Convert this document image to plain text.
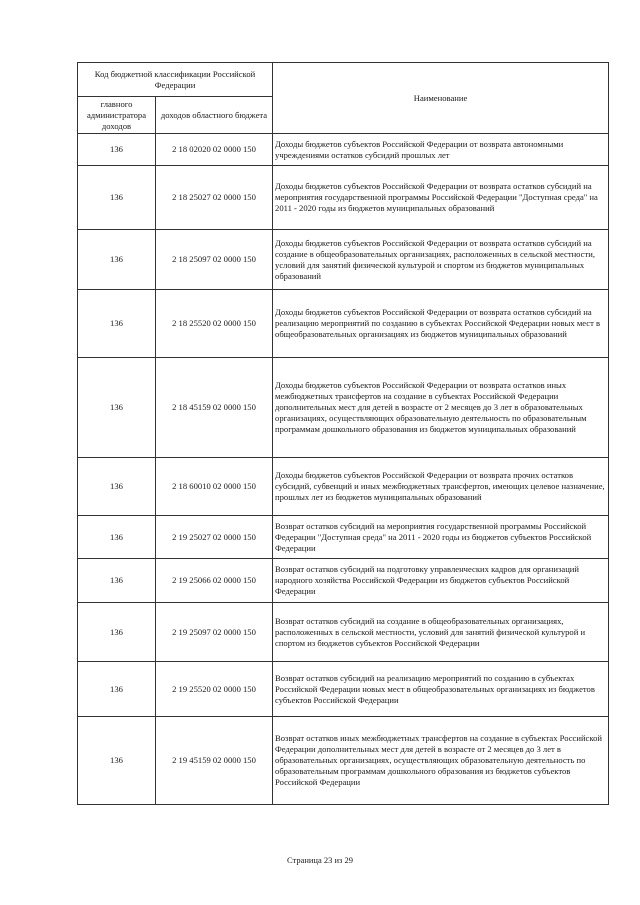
Код бюджетной классификации Российской Федерации		Наименование
главного администратора доходов	доходов областного бюджета	
136	2 18 02020 02 0000 150	Доходы бюджетов субъектов Российской Федерации от возврата автономными учреждениями остатков субсидий прошлых лет
136	2 18 25027 02 0000 150	Доходы бюджетов субъектов Российской Федерации от возврата остатков субсидий на мероприятия государственной программы Российской Федерации "Доступная среда" на 2011 - 2020 годы из бюджетов муниципальных образований
136	2 18 25097 02 0000 150	Доходы бюджетов субъектов Российской Федерации от возврата остатков субсидий на создание в общеобразовательных организациях, расположенных в сельской местности, условий для занятий физической культурой и спортом из бюджетов муниципальных образований
136	2 18 25520 02 0000 150	Доходы бюджетов субъектов Российской Федерации от возврата остатков субсидий на реализацию мероприятий по созданию в субъектах Российской Федерации новых мест в общеобразовательных организациях из бюджетов муниципальных образований
136	2 18 45159 02 0000 150	Доходы бюджетов субъектов Российской Федерации от возврата остатков иных межбюджетных трансфертов на создание в субъектах Российской Федерации дополнительных мест для детей в возрасте от 2 месяцев до 3 лет в образовательных организациях, осуществляющих образовательную деятельность по образовательным программам дошкольного образования из бюджетов муниципальных образований
136	2 18 60010 02 0000 150	Доходы бюджетов субъектов Российской Федерации от возврата прочих остатков субсидий, субвенций и иных межбюджетных трансфертов, имеющих целевое назначение, прошлых лет из бюджетов муниципальных образований
136	2 19 25027 02 0000 150	Возврат остатков субсидий на мероприятия государственной программы Российской Федерации "Доступная среда" на 2011 - 2020 годы из бюджетов субъектов Российской Федерации
136	2 19 25066 02 0000 150	Возврат остатков субсидий на подготовку управленческих кадров для организаций народного хозяйства Российской Федерации из бюджетов субъектов Российской Федерации
136	2 19 25097 02 0000 150	Возврат остатков субсидий на создание в общеобразовательных организациях, расположенных в сельской местности, условий для занятий физической культурой и спортом из бюджетов субъектов Российской Федерации
136	2 19 25520 02 0000 150	Возврат остатков субсидий на реализацию мероприятий по созданию в субъектах Российской Федерации новых мест в общеобразовательных организациях из бюджетов субъектов Российской Федерации
136	2 19 45159 02 0000 150	Возврат остатков иных межбюджетных трансфертов на создание в субъектах Российской Федерации дополнительных мест для детей в возрасте от 2 месяцев до 3 лет в образовательных организациях, осуществляющих образовательную деятельность по образовательным программам дошкольного образования из бюджетов субъектов Российской Федерации
Страница 23 из 29
